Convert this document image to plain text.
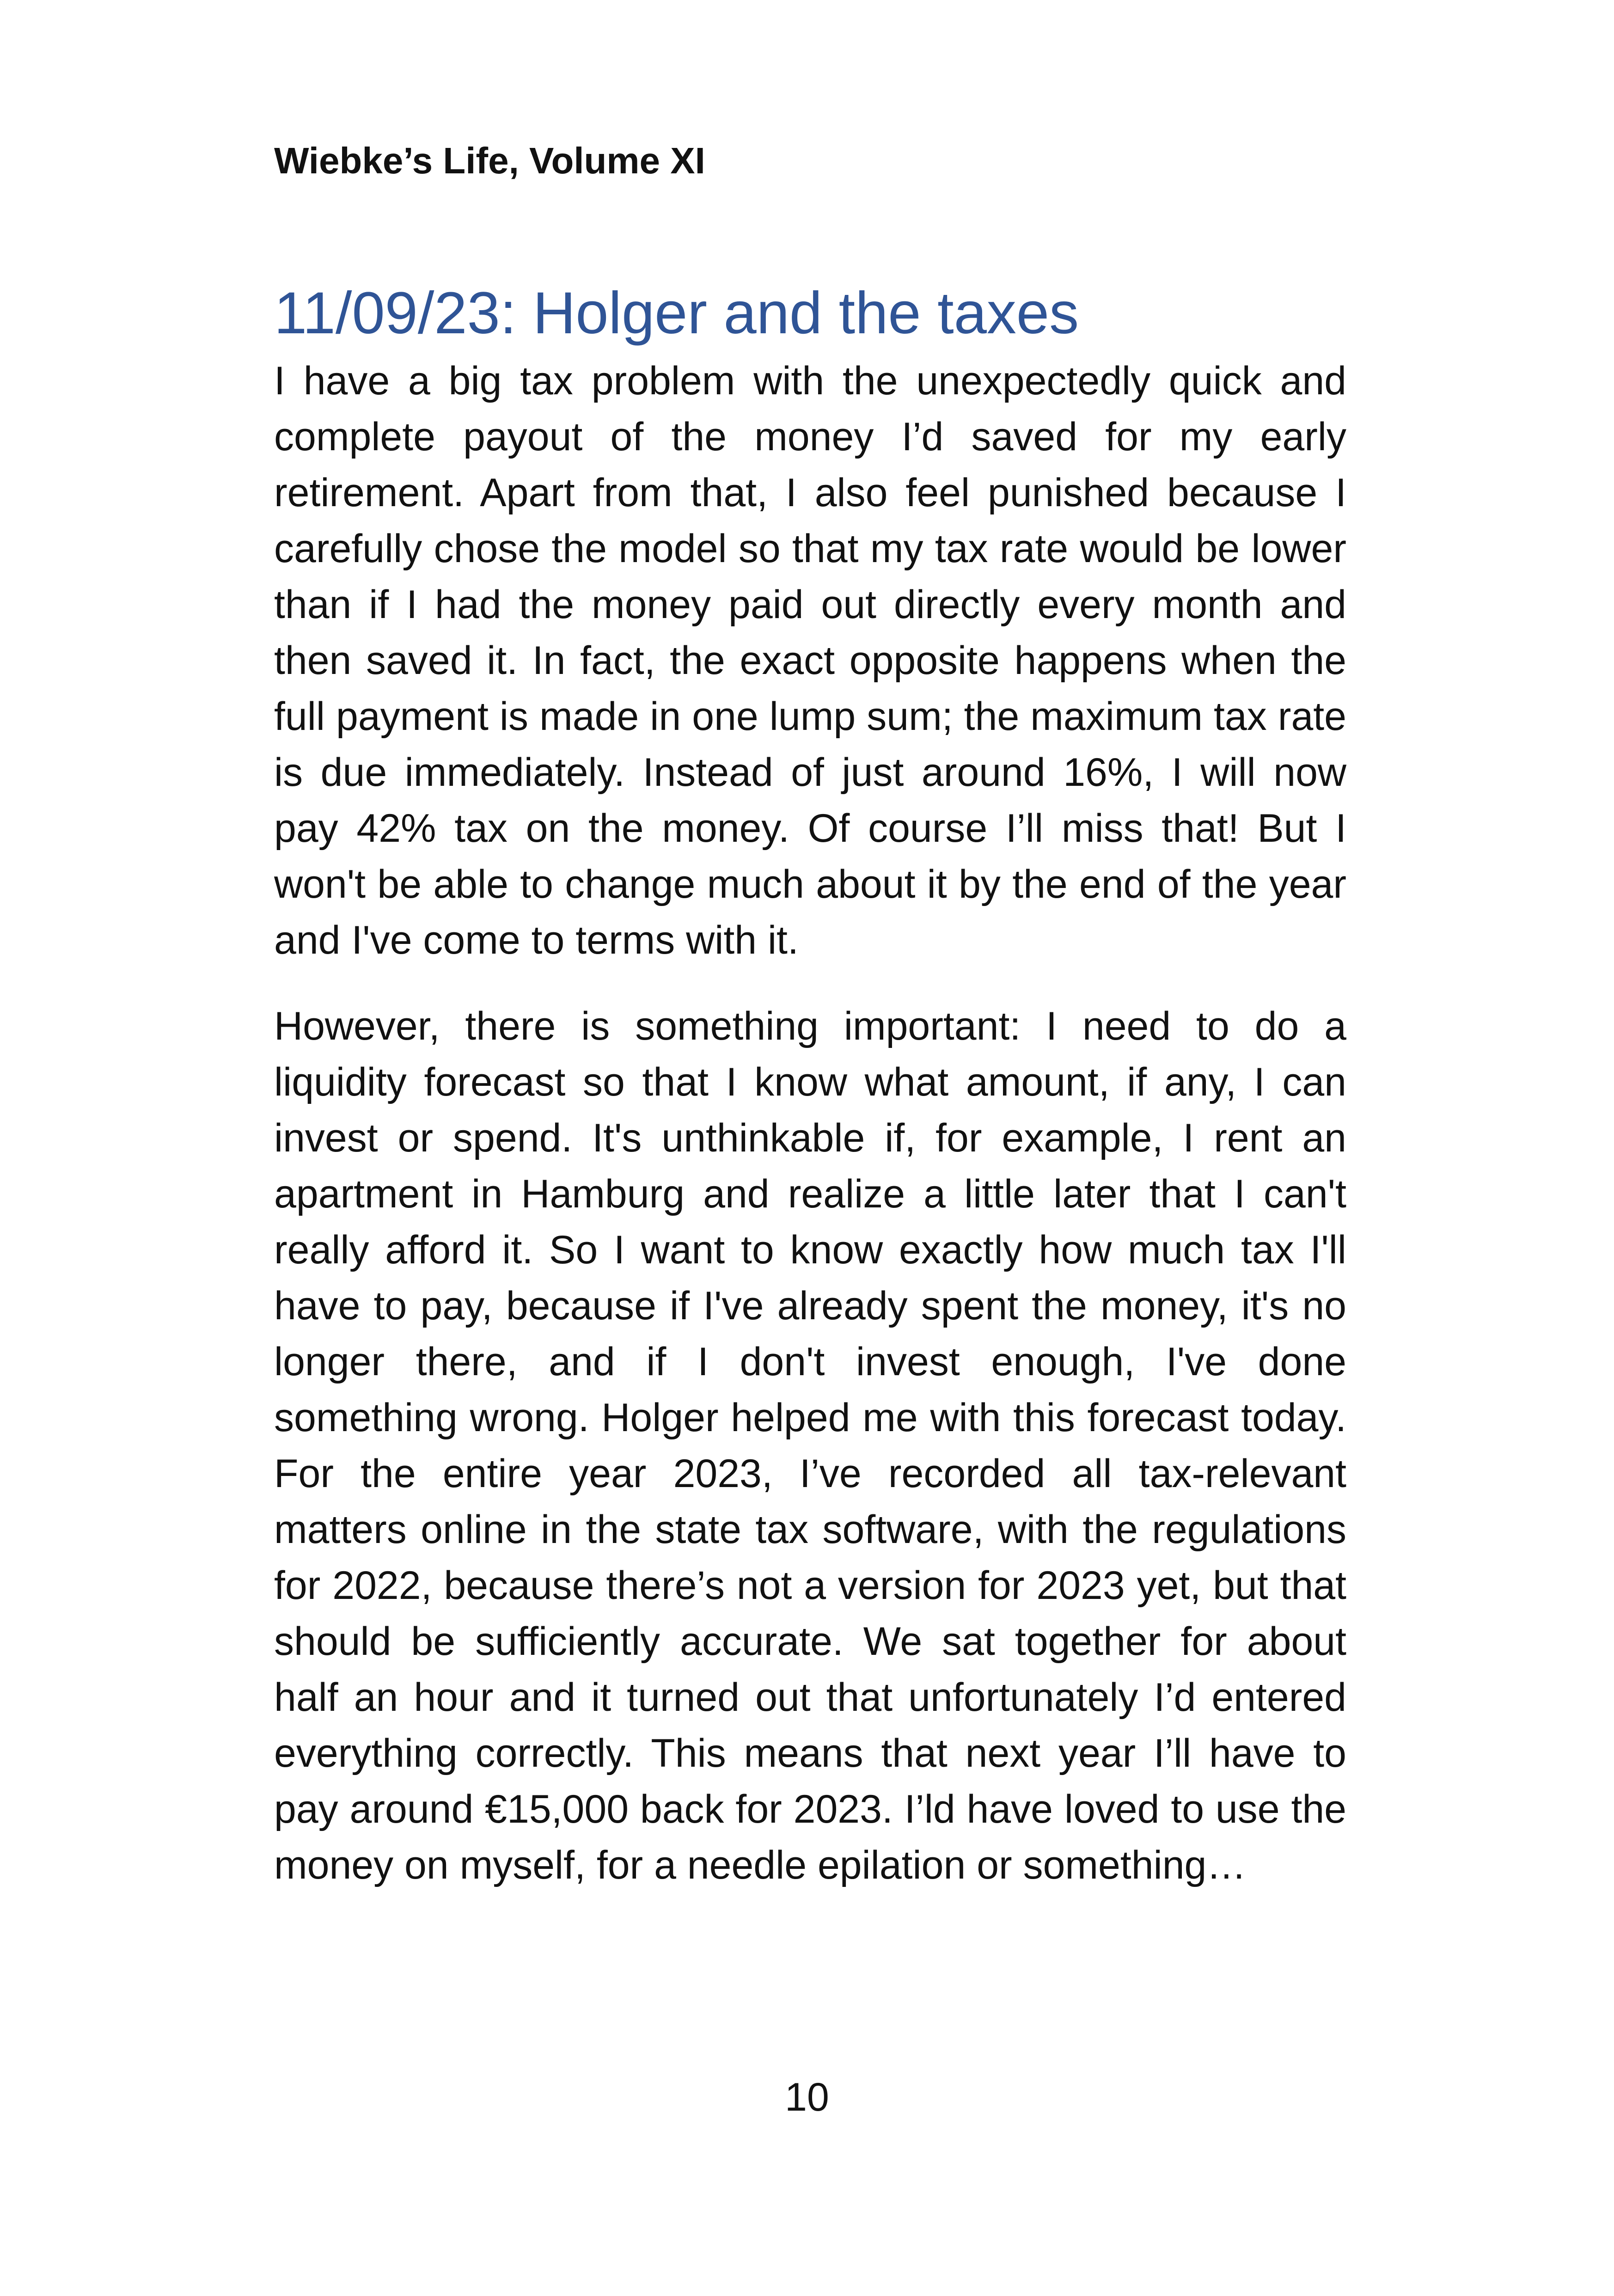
Wiebke’s Life, Volume XI
11/09/23: Holger and the taxes

I have a big tax problem with the unexpectedly quick and complete payout of the money I’d saved for my early retirement. Apart from that, I also feel punished because I carefully chose the model so that my tax rate would be lower than if I had the money paid out directly every month and then saved it. In fact, the exact opposite happens when the full payment is made in one lump sum; the maximum tax rate is due immediately. Instead of just around 16%, I will now pay 42% tax on the money. Of course I’ll miss that! But I won't be able to change much about it by the end of the year and I've come to terms with it.

However, there is something important: I need to do a liquidity forecast so that I know what amount, if any, I can invest or spend. It's unthinkable if, for example, I rent an apartment in Hamburg and realize a little later that I can't really afford it. So I want to know exactly how much tax I'll have to pay, because if I've already spent the money, it's no longer there, and if I don't invest enough, I've done something wrong. Holger helped me with this forecast today. For the entire year 2023, I’ve recorded all tax-relevant matters online in the state tax software, with the regulations for 2022, because there’s not a version for 2023 yet, but that should be sufficiently accurate. We sat together for about half an hour and it turned out that unfortunately I’d entered everything correctly. This means that next year I’ll have to pay around €15,000 back for 2023. I’ld have loved to use the money on myself, for a needle epilation or something…

10
